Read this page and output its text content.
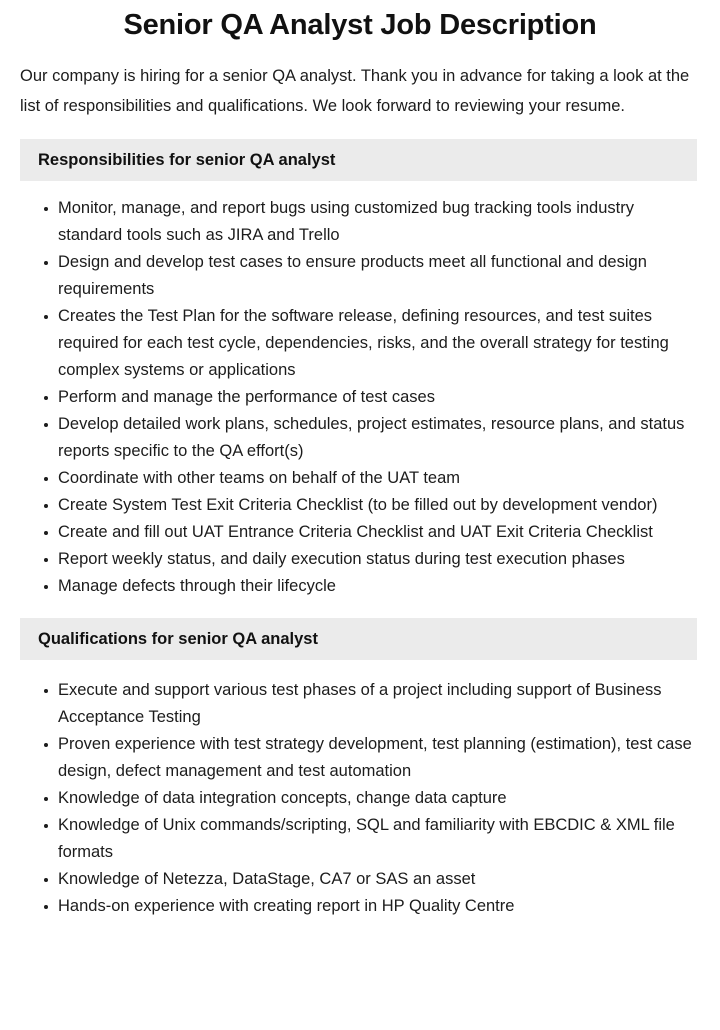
Senior QA Analyst Job Description

Our company is hiring for a senior QA analyst. Thank you in advance for taking a look at the list of responsibilities and qualifications. We look forward to reviewing your resume.

Responsibilities for senior QA analyst
Monitor, manage, and report bugs using customized bug tracking tools industry standard tools such as JIRA and Trello
Design and develop test cases to ensure products meet all functional and design requirements
Creates the Test Plan for the software release, defining resources, and test suites required for each test cycle, dependencies, risks, and the overall strategy for testing complex systems or applications
Perform and manage the performance of test cases
Develop detailed work plans, schedules, project estimates, resource plans, and status reports specific to the QA effort(s)
Coordinate with other teams on behalf of the UAT team
Create System Test Exit Criteria Checklist (to be filled out by development vendor)
Create and fill out UAT Entrance Criteria Checklist and UAT Exit Criteria Checklist
Report weekly status, and daily execution status during test execution phases
Manage defects through their lifecycle
Qualifications for senior QA analyst
Execute and support various test phases of a project including support of Business Acceptance Testing
Proven experience with test strategy development, test planning (estimation), test case design, defect management and test automation
Knowledge of data integration concepts, change data capture
Knowledge of Unix commands/scripting, SQL and familiarity with EBCDIC & XML file formats
Knowledge of Netezza, DataStage, CA7 or SAS an asset
Hands-on experience with creating report in HP Quality Centre
